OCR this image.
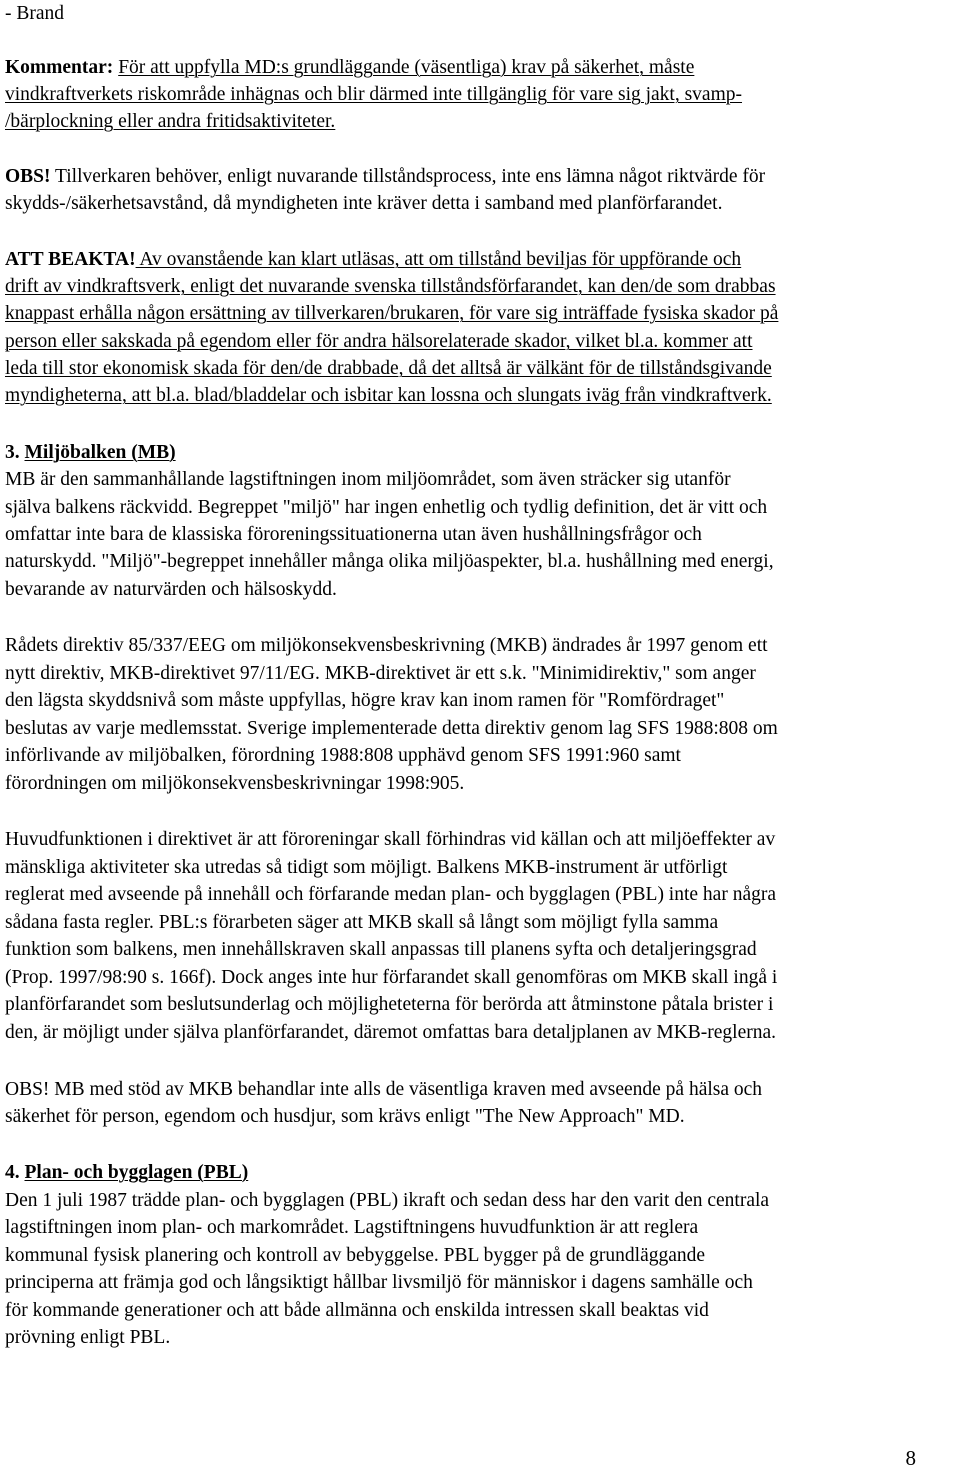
- Brand
Kommentar: För att uppfylla MD:s grundläggande (väsentliga) krav på säkerhet, måste
vindkraftverkets riskområde inhägnas och blir därmed inte tillgänglig för vare sig jakt, svamp-
/bärplockning eller andra fritidsaktiviteter.
OBS! Tillverkaren behöver, enligt nuvarande tillståndsprocess, inte ens lämna något riktvärde för
skydds-/säkerhetsavstånd, då myndigheten inte kräver detta i samband med planförfarandet.
ATT BEAKTA! Av ovanstående kan klart utläsas, att om tillstånd beviljas för uppförande och
drift av vindkraftsverk, enligt det nuvarande svenska tillståndsförfarandet, kan den/de som drabbas
knappast erhålla någon ersättning av tillverkaren/brukaren, för vare sig inträffade fysiska skador på
person eller sakskada på egendom eller för andra hälsorelaterade skador, vilket bl.a. kommer att
leda till stor ekonomisk skada för den/de drabbade, då det alltså är välkänt för de tillståndsgivande
myndigheterna, att bl.a. blad/bladdelar och isbitar kan lossna och slungats iväg från vindkraftverk.
3. Miljöbalken (MB)
MB är den sammanhållande lagstiftningen inom miljöområdet, som även sträcker sig utanför
själva balkens räckvidd. Begreppet "miljö" har ingen enhetlig och tydlig definition, det är vitt och
omfattar inte bara de klassiska föroreningssituationerna utan även hushållningsfrågor och
naturskydd. "Miljö"-begreppet innehåller många olika miljöaspekter, bl.a. hushållning med energi,
bevarande av naturvärden och hälsoskydd.
Rådets direktiv 85/337/EEG om miljökonsekvensbeskrivning (MKB) ändrades år 1997 genom ett
nytt direktiv, MKB-direktivet 97/11/EG. MKB-direktivet är ett s.k. "Minimidirektiv," som anger
den lägsta skyddsnivå som måste uppfyllas, högre krav kan inom ramen för "Romfördraget"
beslutas av varje medlemsstat. Sverige implementerade detta direktiv genom lag SFS 1988:808 om
införlivande av miljöbalken, förordning 1988:808 upphävd genom SFS 1991:960 samt
förordningen om miljökonsekvensbeskrivningar 1998:905.
Huvudfunktionen i direktivet är att föroreningar skall förhindras vid källan och att miljöeffekter av
mänskliga aktiviteter ska utredas så tidigt som möjligt. Balkens MKB-instrument är utförligt
reglerat med avseende på innehåll och förfarande medan plan- och bygglagen (PBL) inte har några
sådana fasta regler. PBL:s förarbeten säger att MKB skall så långt som möjligt fylla samma
funktion som balkens, men innehållskraven skall anpassas till planens syfta och detaljeringsgrad
(Prop. 1997/98:90 s. 166f). Dock anges inte hur förfarandet skall genomföras om MKB skall ingå i
planförfarandet som beslutsunderlag och möjligheteterna för berörda att åtminstone påtala brister i
den, är möjligt under själva planförfarandet, däremot omfattas bara detaljplanen av MKB-reglerna.
OBS! MB med stöd av MKB behandlar inte alls de väsentliga kraven med avseende på hälsa och
säkerhet för person, egendom och husdjur, som krävs enligt "The New Approach" MD.
4. Plan- och bygglagen (PBL)
Den 1 juli 1987 trädde plan- och bygglagen (PBL) ikraft och sedan dess har den varit den centrala
lagstiftningen inom plan- och markområdet. Lagstiftningens huvudfunktion är att reglera
kommunal fysisk planering och kontroll av bebyggelse. PBL bygger på de grundläggande
principerna att främja god och långsiktigt hållbar livsmiljö för människor i dagens samhälle och
för kommande generationer och att både allmänna och enskilda intressen skall beaktas vid
prövning enligt PBL.
8
